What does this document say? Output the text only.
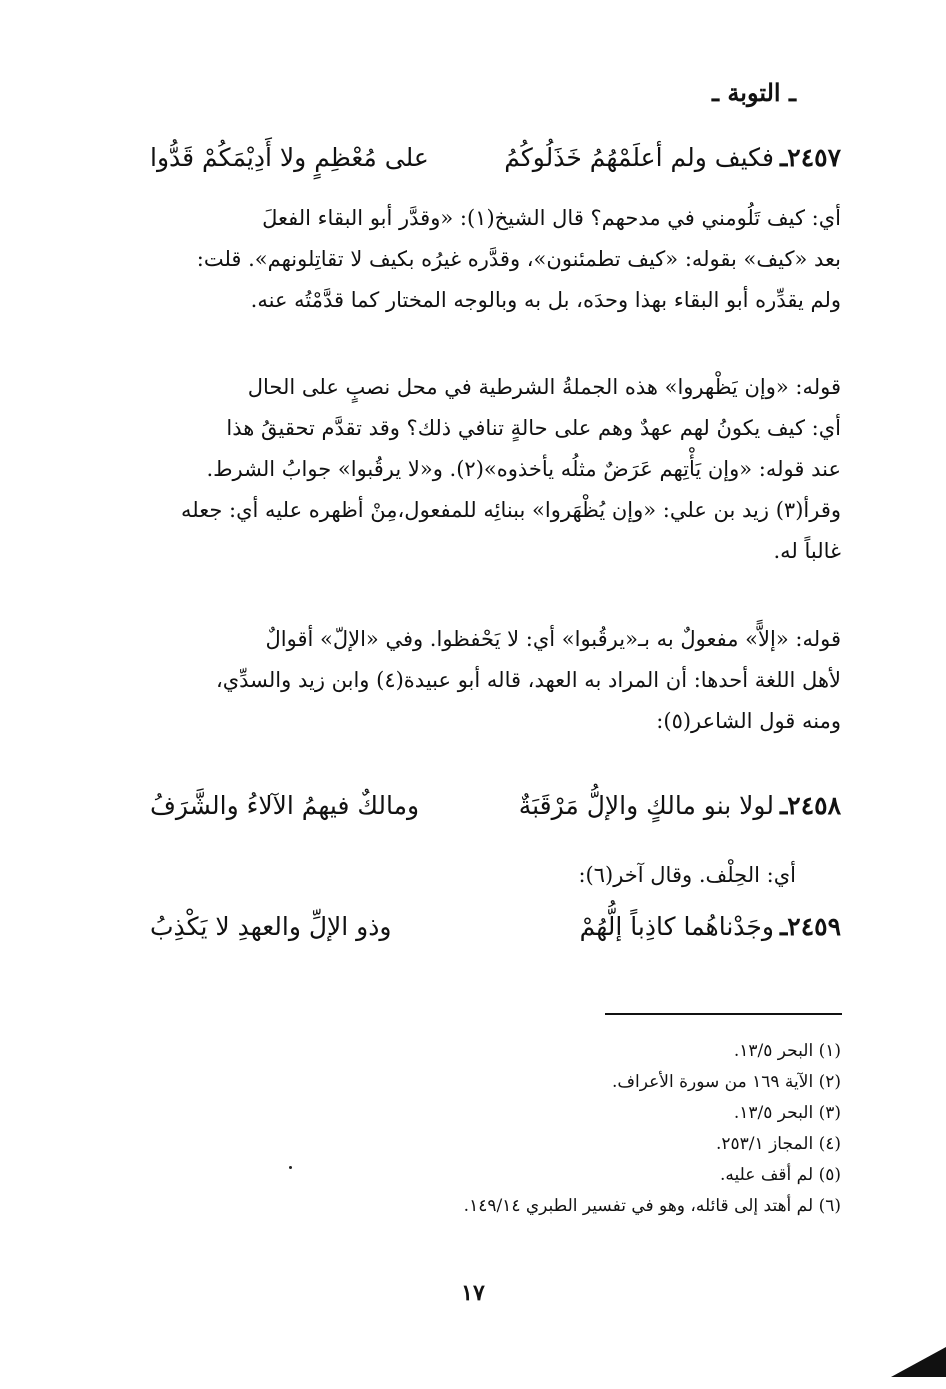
ـ التوبة ـ
٢٤٥٧ـ
فكيف ولم أعلَمْهُمُ خَذَلُوكُمُ
على مُعْظِمٍ ولا أَدِيْمَكُمْ قَدُّوا
أي: كيف تَلُومني في مدحهم؟ قال الشيخ(١): «وقدَّر أبو البقاء الفعلَ
بعد «كيف» بقوله: «كيف تطمئنون»، وقدَّره غيرُه بكيف لا تقاتِلونهم». قلت:
ولم يقدِّره أبو البقاء بهذا وحدَه، بل به وبالوجه المختار كما قدَّمْتُه عنه.
قوله: «وإن يَظْهروا» هذه الجملةُ الشرطية في محل نصبٍ على الحال
أي: كيف يكونُ لهم عهدٌ وهم على حالةٍ تنافي ذلك؟ وقد تقدَّم تحقيقُ هذا
عند قوله: «وإن يَأْتِهم عَرَضٌ مثلُه يأخذوه»(٢). و«لا يرقُبوا» جوابُ الشرط.
وقرأ(٣) زيد بن علي: «وإن يُظْهَروا» ببنائِه للمفعول،مِنْ أظهره عليه أي: جعله
غالباً له.
قوله: «إلاًّ» مفعولٌ به بـ«يرقُبوا» أي: لا يَحْفظوا. وفي «الإلّ» أقوالٌ
لأهل اللغة أحدها: أن المراد به العهد، قاله أبو عبيدة(٤) وابن زيد والسدِّي،
ومنه قول الشاعر(٥):
٢٤٥٨ـ
لولا بنو مالكٍ والإلُّ مَرْقَبَةٌ
ومالكٌ فيهمُ الآلاءُ والشَّرَفُ
أي: الحِلْف. وقال آخر(٦):
٢٤٥٩ـ
وجَدْناهُما كاذِباً إلُّهُمْ
وذو الإلِّ والعهدِ لا يَكْذِبُ
(١) البحر ١٣/٥.
(٢) الآية ١٦٩ من سورة الأعراف.
(٣) البحر ١٣/٥.
(٤) المجاز ٢٥٣/١.
(٥) لم أقف عليه.
(٦) لم أهتد إلى قائله، وهو في تفسير الطبري ١٤٩/١٤.
١٧
